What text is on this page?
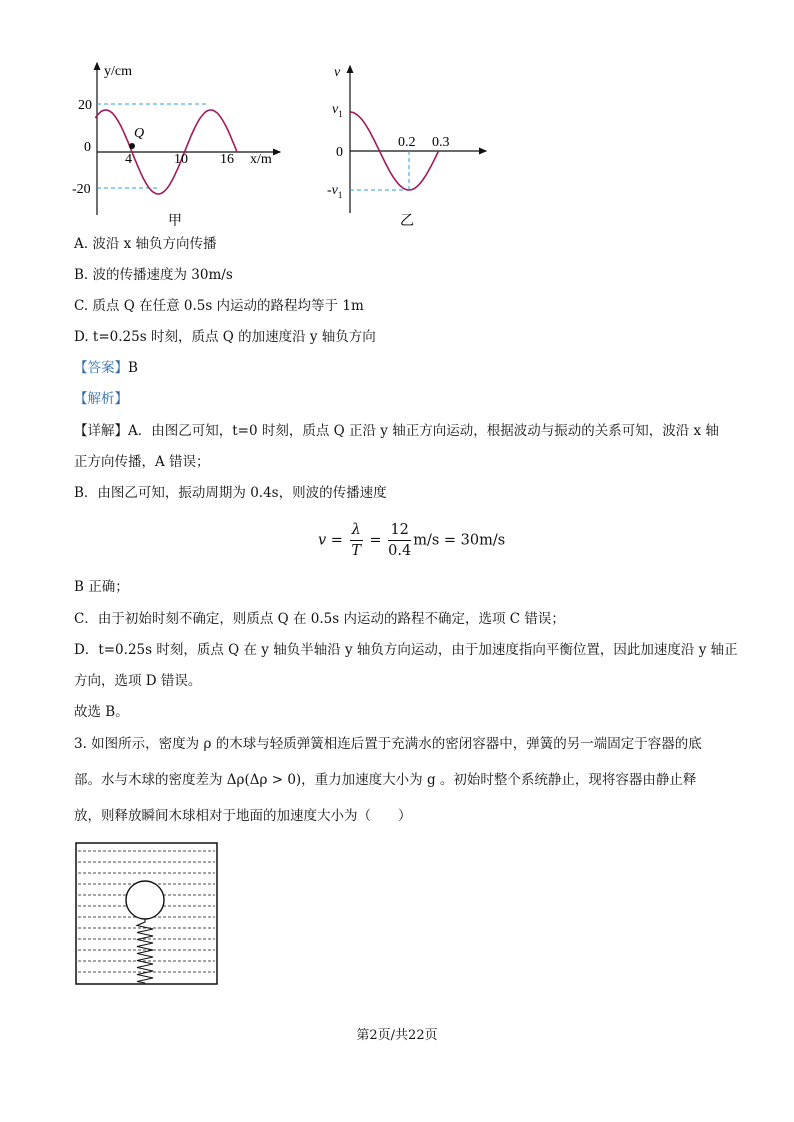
y/cm
x/m
20
0
-20
4	10 16
Q
甲
v
$v_1$
0
$-v_1$
0.2 0.3
乙
A. 波沿 x 轴负方向传播
B. 波的传播速度为 30m/s
C. 质点 Q 在任意 0.5s 内运动的路程均等于 1m
D. t=0.25s 时刻，质点 Q 的加速度沿 y 轴负方向
【答案】B
【解析】
【详解】A．由图乙可知，t=0 时刻，质点 Q 正沿 y 轴正方向运动，根据波动与振动的关系可知，波沿 x 轴
正方向传播，A 错误；
B．由图乙可知，振动周期为 0.4s，则波的传播速度
$v = \frac{\lambda}{T} = \frac{12}{0.4} m/s = 30m/s$
B 正确；
C．由于初始时刻不确定，则质点 Q 在 0.5s 内运动的路程不确定，选项 C 错误；
D．t=0.25s 时刻，质点 Q 在 y 轴负半轴沿 y 轴负方向运动，由于加速度指向平衡位置，因此加速度沿 y 轴正
方向，选项 D 错误。
故选 B。
3. 如图所示，密度为 ρ 的木球与轻质弹簧相连后置于充满水的密闭容器中，弹簧的另一端固定于容器的底
部。水与木球的密度差为 Δρ(Δρ > 0)，重力加速度大小为 g 。初始时整个系统静止，现将容器由静止释
放，则释放瞬间木球相对于地面的加速度大小为（　　）
第2页/共22页
